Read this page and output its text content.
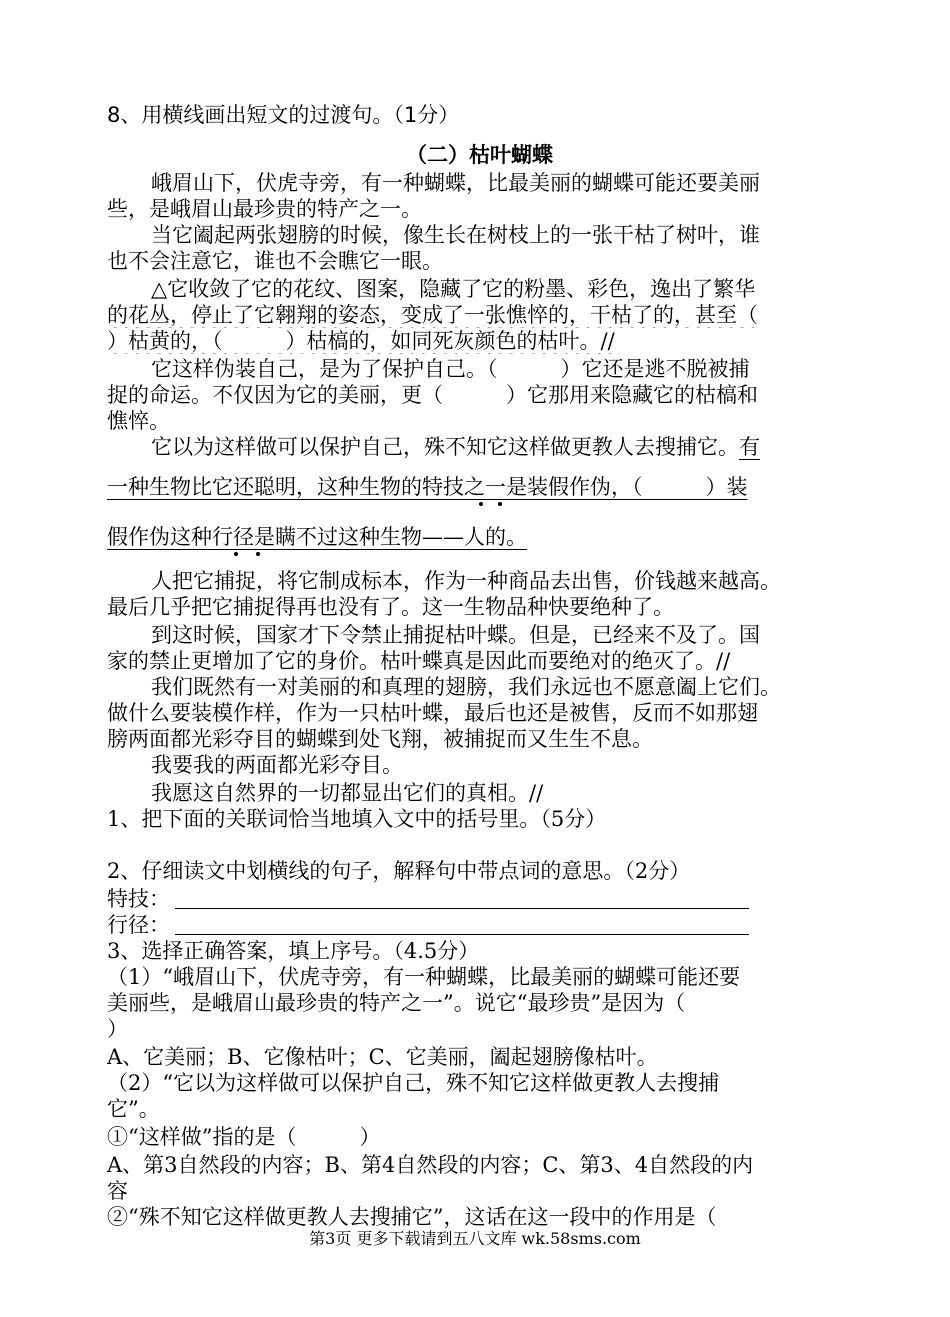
8、用横线画出短文的过渡句。（1分）
（二）枯叶蝴蝶
峨眉山下，伏虎寺旁，有一种蝴蝶，比最美丽的蝴蝶可能还要美丽
些，是峨眉山最珍贵的特产之一。
当它阖起两张翅膀的时候，像生长在树枝上的一张干枯了树叶，谁
也不会注意它，谁也不会瞧它一眼。
△它收敛了它的花纹、图案，隐藏了它的粉墨、彩色，逸出了繁华
的花丛，停止了它翱翔的姿态，变成了一张憔悴的，干枯了的，甚至（
）枯黄的，（　　　）枯槁的，如同死灰颜色的枯叶。//
它这样伪装自己，是为了保护自己。（　　　）它还是逃不脱被捕
捉的命运。不仅因为它的美丽，更（　　　）它那用来隐藏它的枯槁和
憔悴。
它以为这样做可以保护自己，殊不知它这样做更教人去搜捕它。有
一种生物比它还聪明，这种生物的特技之一是装假作伪，（　　　）装
假作伪这种行径是瞒不过这种生物——人的。
人把它捕捉，将它制成标本，作为一种商品去出售，价钱越来越高。
最后几乎把它捕捉得再也没有了。这一生物品种快要绝种了。
到这时候，国家才下令禁止捕捉枯叶蝶。但是，已经来不及了。国
家的禁止更增加了它的身价。枯叶蝶真是因此而要绝对的绝灭了。//
我们既然有一对美丽的和真理的翅膀，我们永远也不愿意阖上它们。
做什么要装模作样，作为一只枯叶蝶，最后也还是被售，反而不如那翅
膀两面都光彩夺目的蝴蝶到处飞翔，被捕捉而又生生不息。
我要我的两面都光彩夺目。
我愿这自然界的一切都显出它们的真相。//
1、把下面的关联词恰当地填入文中的括号里。（5分）
2、仔细读文中划横线的句子，解释句中带点词的意思。（2分）
特技：
行径：
3、选择正确答案，填上序号。（4.5分）
（1）“峨眉山下，伏虎寺旁，有一种蝴蝶，比最美丽的蝴蝶可能还要
美丽些，是峨眉山最珍贵的特产之一”。说它“最珍贵”是因为（
）
A、它美丽；B、它像枯叶；C、它美丽，阖起翅膀像枯叶。
（2）“它以为这样做可以保护自己，殊不知它这样做更教人去搜捕
它”。
①“这样做”指的是（　　　）
A、第3自然段的内容；B、第4自然段的内容；C、第3、4自然段的内
容
②“殊不知它这样做更教人去搜捕它”，这话在这一段中的作用是（
第3页 更多下载请到五八文库 wk.58sms.com
